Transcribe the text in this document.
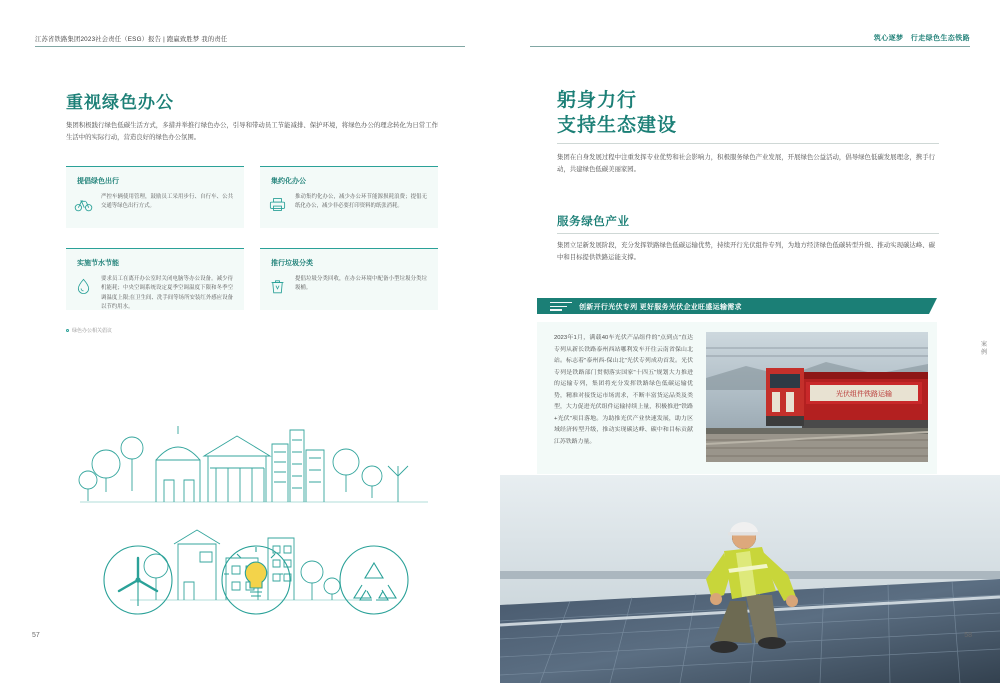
江苏省铁路集团2023社会责任（ESG）报告 | 跑赢致胜梦 我的责任
重视绿色办公
集团积极践行绿色低碳生活方式，多措并举推行绿色办公，引导和带动员工节能减排、保护环境，将绿色办公的理念转化为日常工作生活中的实际行动，营造良好的绿色办公氛围。
提倡绿色出行
严控车辆使用管理，鼓励员工采用步行、自行车、公共交通等绿色出行方式。
集约化办公
推动集约化办公，减少办公环节能源损耗浪费；提倡无纸化办公，减少非必要打印资料的纸张消耗。
实施节水节能
要求员工在离开办公室时关闭电脑等办公设备。减少待机能耗；中央空调系统设定夏季空调温度下限和冬季空调温度上限;在卫生间、洗手间等场所安装红外感应设备以节约用水。
推行垃圾分类
提倡垃圾分类回收，在办公环境中配备小型垃圾分类垃圾桶。
绿色办公相关倡议
57
筑心逐梦　行走绿色生态铁路
躬身力行
支持生态建设
集团在自身发展过程中注重发挥专业优势和社会影响力，积极服务绿色产业发展，开展绿色公益活动，倡导绿色低碳发展理念，携手行动，共建绿色低碳美丽家园。
服务绿色产业
集团立足新发展阶段，充分发挥铁路绿色低碳运输优势，持续开行光伏组件专列，为地方经济绿色低碳转型升级、推动实现碳达峰、碳中和目标提供铁路运能支撑。
创新开行光伏专列 更好服务光伏企业旺盛运输需求
2023年1月，满载40车光伏产品组件的"点到点"直达专列从新长铁路泰州西站哪利发车开往云南省保山北站。标志着"泰州西-保山北"光伏专列成功首发。光伏专列是铁路部门贯彻落实国家"十四五"规划大力推进的运输专列，集团将充分发挥铁路绿色低碳运输优势，精准对接货运市场需求，不断丰富货运品类及类型，大力促进光伏组件运输持续上量，积极推进"铁路+光伏"项目落地。为助推光伏产业快速发展，助力区域经济转型升级，推动实现碳达峰、碳中和目标贡献江苏铁路力量。
光伏组件铁路运输
案例
58
